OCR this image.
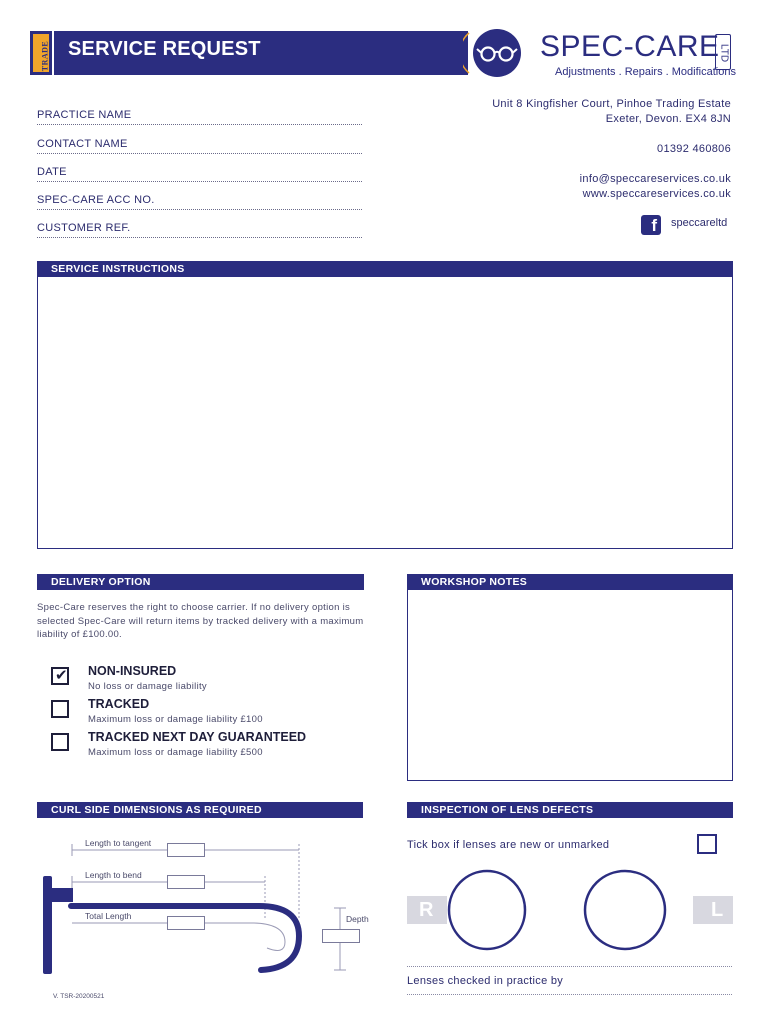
TRADE SERVICE REQUEST	SPEC-CARE
LTD
Adjustments . Repairs . Modifications
PRACTICE NAME
CONTACT NAME
DATE
SPEC-CARE ACC NO.
CUSTOMER REF.
Unit 8 Kingfisher Court, Pinhoe Trading Estate
Exeter, Devon. EX4 8JN
01392 460806
info@speccareservices.co.uk
www.speccareservices.co.uk
f speccareltd
SERVICE INSTRUCTIONS
DELIVERY OPTION
Spec-Care reserves the right to choose carrier. If no delivery option is selected Spec-Care will return items by tracked delivery with a maximum liability of £100.00.
✔ NON-INSURED
No loss or damage liability
TRACKED
Maximum loss or damage liability £100
TRACKED NEXT DAY GUARANTEED
Maximum loss or damage liability £500
WORKSHOP NOTES
CURL SIDE DIMENSIONS AS REQUIRED
Length to tangent
Length to bend
Total Length	Depth
INSPECTION OF LENS DEFECTS
Tick box if lenses are new or unmarked
R	L
Lenses checked in practice by
V. TSR-20200521
